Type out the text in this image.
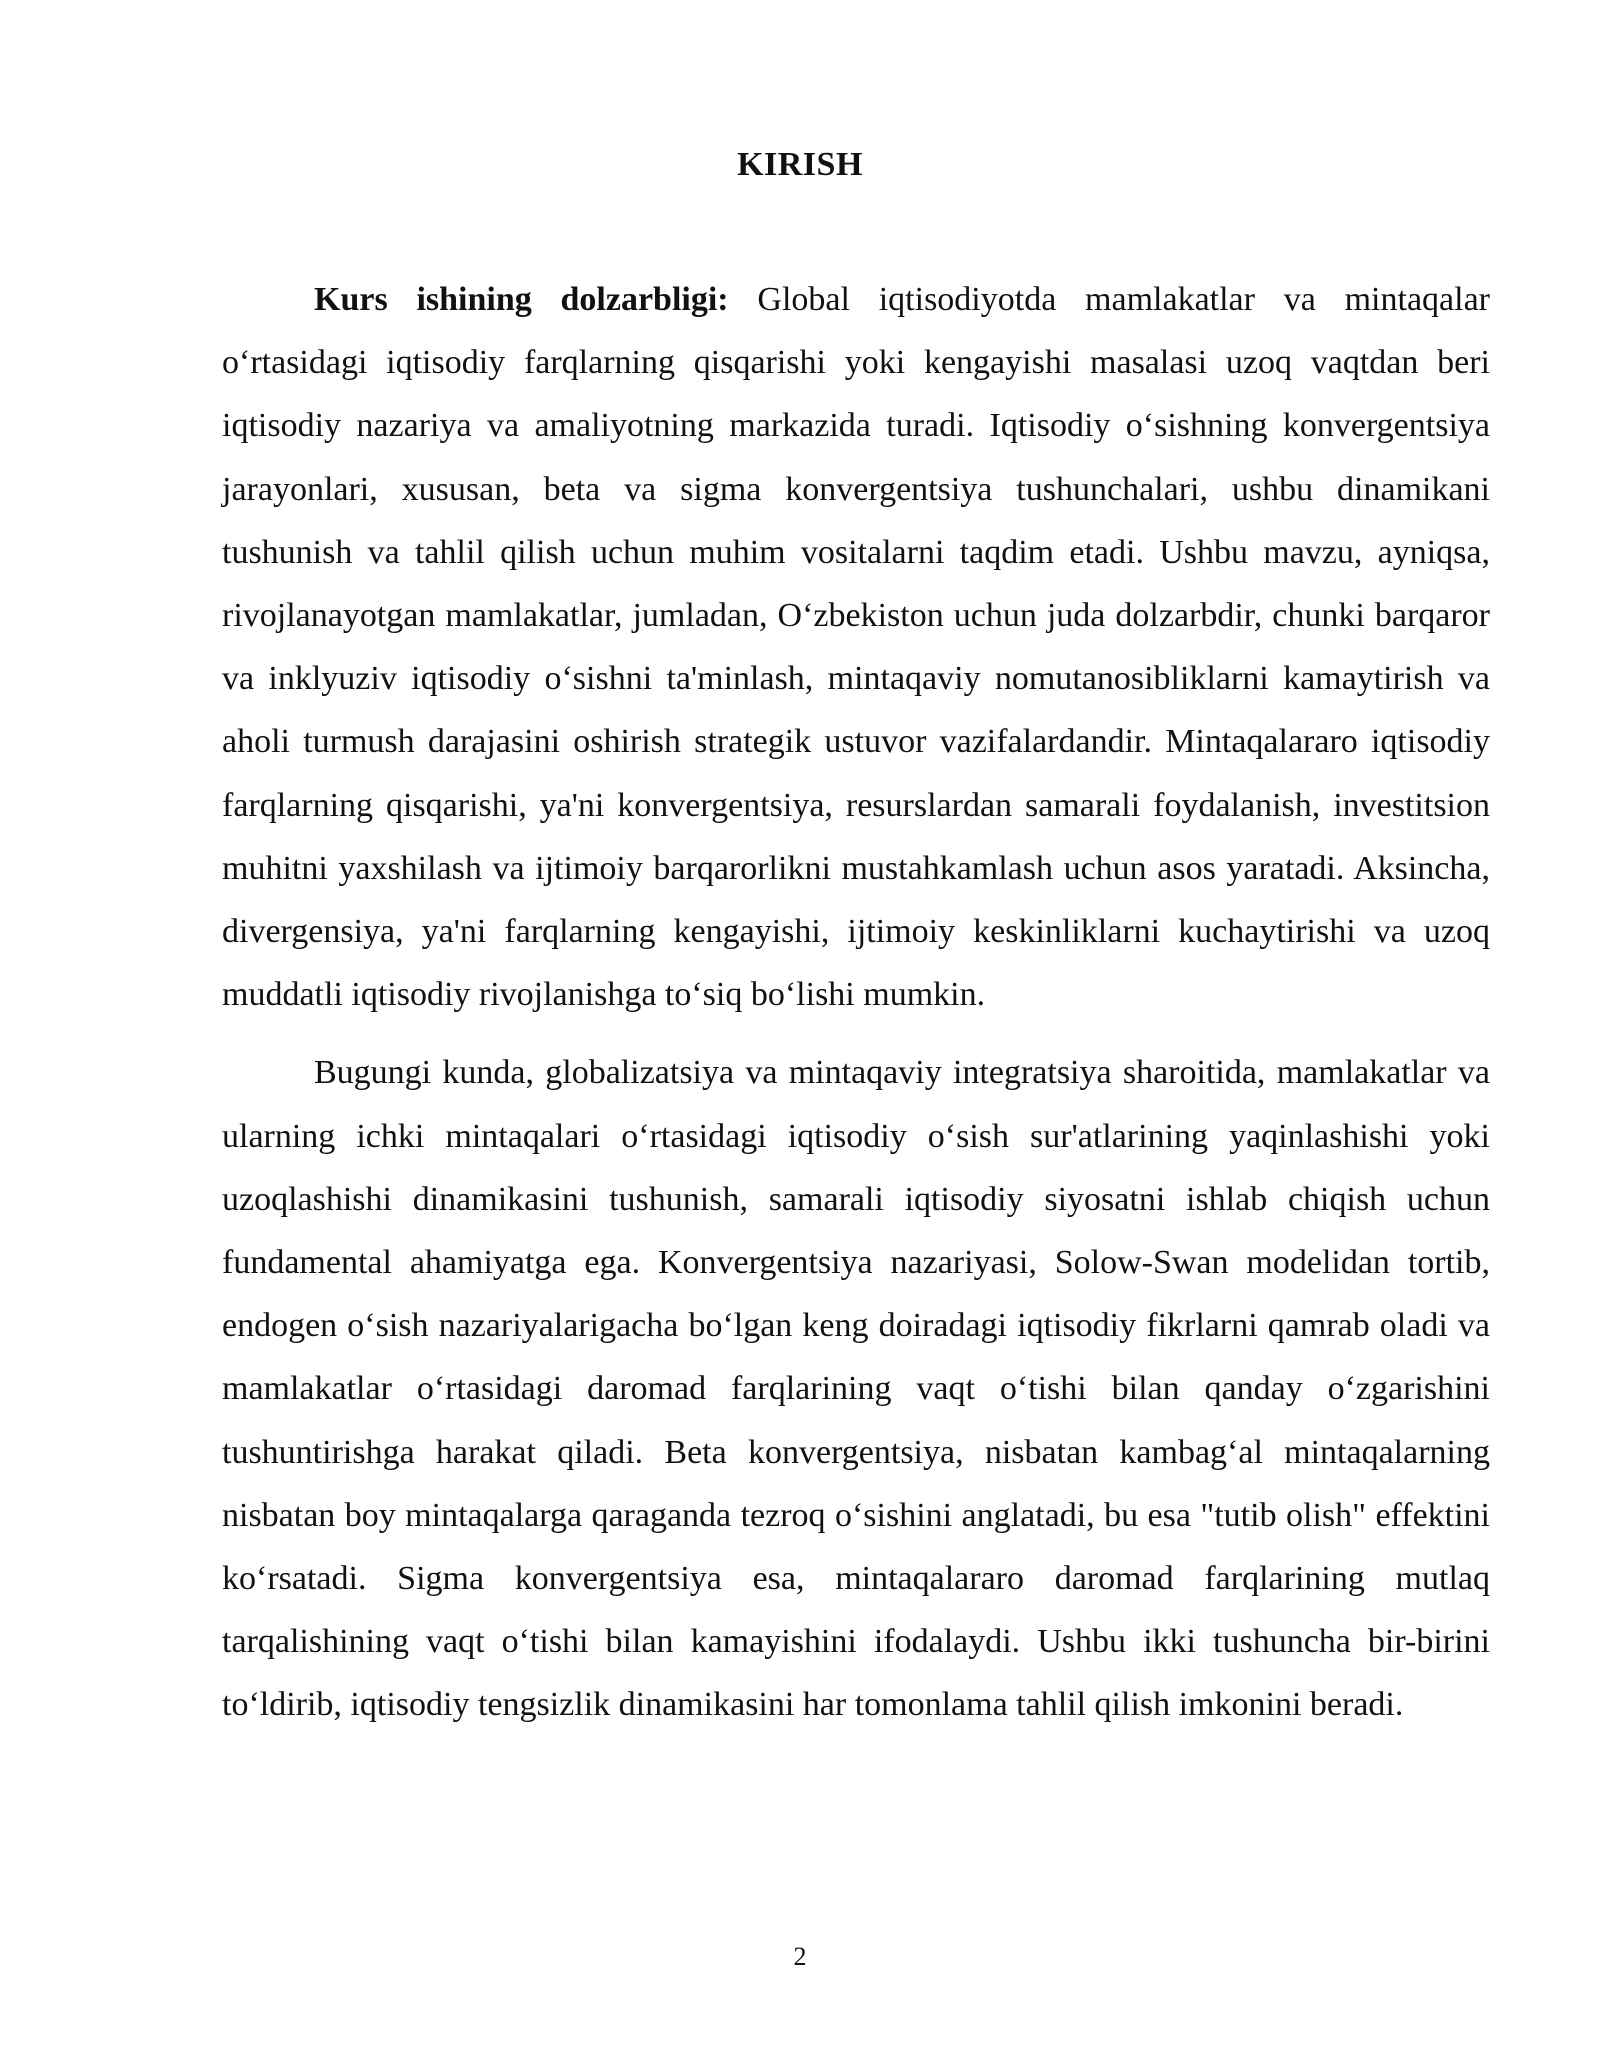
KIRISH

Kurs ishining dolzarbligi: Global iqtisodiyotda mamlakatlar va mintaqalar oʻrtasidagi iqtisodiy farqlarning qisqarishi yoki kengayishi masalasi uzoq vaqtdan beri iqtisodiy nazariya va amaliyotning markazida turadi. Iqtisodiy oʻsishning konvergentsiya jarayonlari, xususan, beta va sigma konvergentsiya tushunchalari, ushbu dinamikani tushunish va tahlil qilish uchun muhim vositalarni taqdim etadi. Ushbu mavzu, ayniqsa, rivojlanayotgan mamlakatlar, jumladan, Oʻzbekiston uchun juda dolzarbdir, chunki barqaror va inklyuziv iqtisodiy oʻsishni ta'minlash, mintaqaviy nomutanosibliklarni kamaytirish va aholi turmush darajasini oshirish strategik ustuvor vazifalardandir. Mintaqalararo iqtisodiy farqlarning qisqarishi, ya'ni konvergentsiya, resurslardan samarali foydalanish, investitsion muhitni yaxshilash va ijtimoiy barqarorlikni mustahkamlash uchun asos yaratadi. Aksincha, divergensiya, ya'ni farqlarning kengayishi, ijtimoiy keskinliklarni kuchaytirishi va uzoq muddatli iqtisodiy rivojlanishga toʻsiq boʻlishi mumkin.

Bugungi kunda, globalizatsiya va mintaqaviy integratsiya sharoitida, mamlakatlar va ularning ichki mintaqalari oʻrtasidagi iqtisodiy oʻsish sur'atlarining yaqinlashishi yoki uzoqlashishi dinamikasini tushunish, samarali iqtisodiy siyosatni ishlab chiqish uchun fundamental ahamiyatga ega. Konvergentsiya nazariyasi, Solow-Swan modelidan tortib, endogen oʻsish nazariyalarigacha boʻlgan keng doiradagi iqtisodiy fikrlarni qamrab oladi va mamlakatlar oʻrtasidagi daromad farqlarining vaqt oʻtishi bilan qanday oʻzgarishini tushuntirishga harakat qiladi. Beta konvergentsiya, nisbatan kambagʻal mintaqalarning nisbatan boy mintaqalarga qaraganda tezroq oʻsishini anglatadi, bu esa "tutib olish" effektini koʻrsatadi. Sigma konvergentsiya esa, mintaqalararo daromad farqlarining mutlaq tarqalishining vaqt oʻtishi bilan kamayishini ifodalaydi. Ushbu ikki tushuncha bir-birini toʻldirib, iqtisodiy tengsizlik dinamikasini har tomonlama tahlil qilish imkonini beradi.

2
